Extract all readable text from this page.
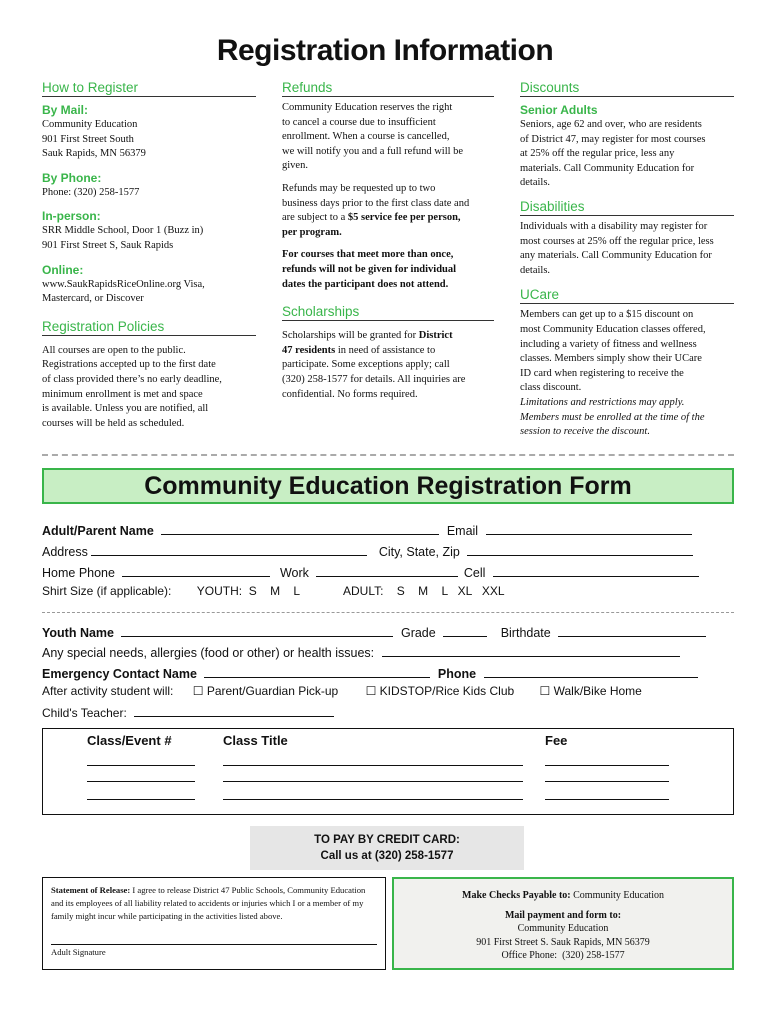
Registration Information
How to Register
By Mail:

Community Education

901 First Street South

Sauk Rapids, MN 56379

By Phone:

Phone: (320) 258-1577

In-person:

SRR Middle School, Door 1 (Buzz in)

901 First Street S, Sauk Rapids

Online:

www.SaukRapidsRiceOnline.org Visa,

Mastercard, or Discover

Registration Policies

All courses are open to the public.

Registrations accepted up to the first date

of class provided there’s no early deadline,

minimum enrollment is met and space

is available. Unless you are notified, all

courses will be held as scheduled.

Refunds

Community Education reserves the right

to cancel a course due to insufficient

enrollment. When a course is cancelled,

we will notify you and a full refund will be

given.

Refunds may be requested up to two

business days prior to the first class date and

are subject to a $5 service fee per person,

per program.

For courses that meet more than once,

refunds will not be given for individual

dates the participant does not attend.

Scholarships

Scholarships will be granted for District

47 residents in need of assistance to

participate. Some exceptions apply; call

(320) 258-1577 for details. All inquiries are

confidential. No forms required.

Discounts
Senior Adults

Seniors, age 62 and over, who are residents

of District 47, may register for most courses

at 25% off the regular price, less any

materials. Call Community Education for

details.

Disabilities

Individuals with a disability may register for

most courses at 25% off the regular price, less

any materials. Call Community Education for

details.

UCare

Members can get up to a $15 discount on

most Community Education classes offered,

including a variety of fitness and wellness

classes. Members simply show their UCare

ID card when registering to receive the

class discount.

Limitations and restrictions may apply.

Members must be enrolled at the time of the

session to receive the discount.

Community Education Registration Form
Adult/Parent Name	Email
Address	City, State, Zip
Home Phone	Work	Cell
Shirt Size (if applicable): YOUTH:  S    M    L	ADULT:    S    M    L   XL   XXL
Youth Name	Grade	Birthdate
Any special needs, allergies (food or other) or health issues:
Emergency Contact Name	Phone
After activity student will: ☐ Parent/Guardian Pick-up ☐ KIDSTOP/Rice Kids Club ☐ Walk/Bike Home
Child's Teacher:
Class/Event #	Class Title	Fee
TO PAY BY CREDIT CARD:
Call us at (320) 258-1577
Statement of Release: I agree to release District 47 Public Schools, Community Education and its employees of all liability related to accidents or injuries which I or a member of my family might incur while participating in the activities listed above.
Adult Signature
Make Checks Payable to: Community Education
Mail payment and form to:
Community Education
901 First Street S. Sauk Rapids, MN 56379
Office Phone:  (320) 258-1577
